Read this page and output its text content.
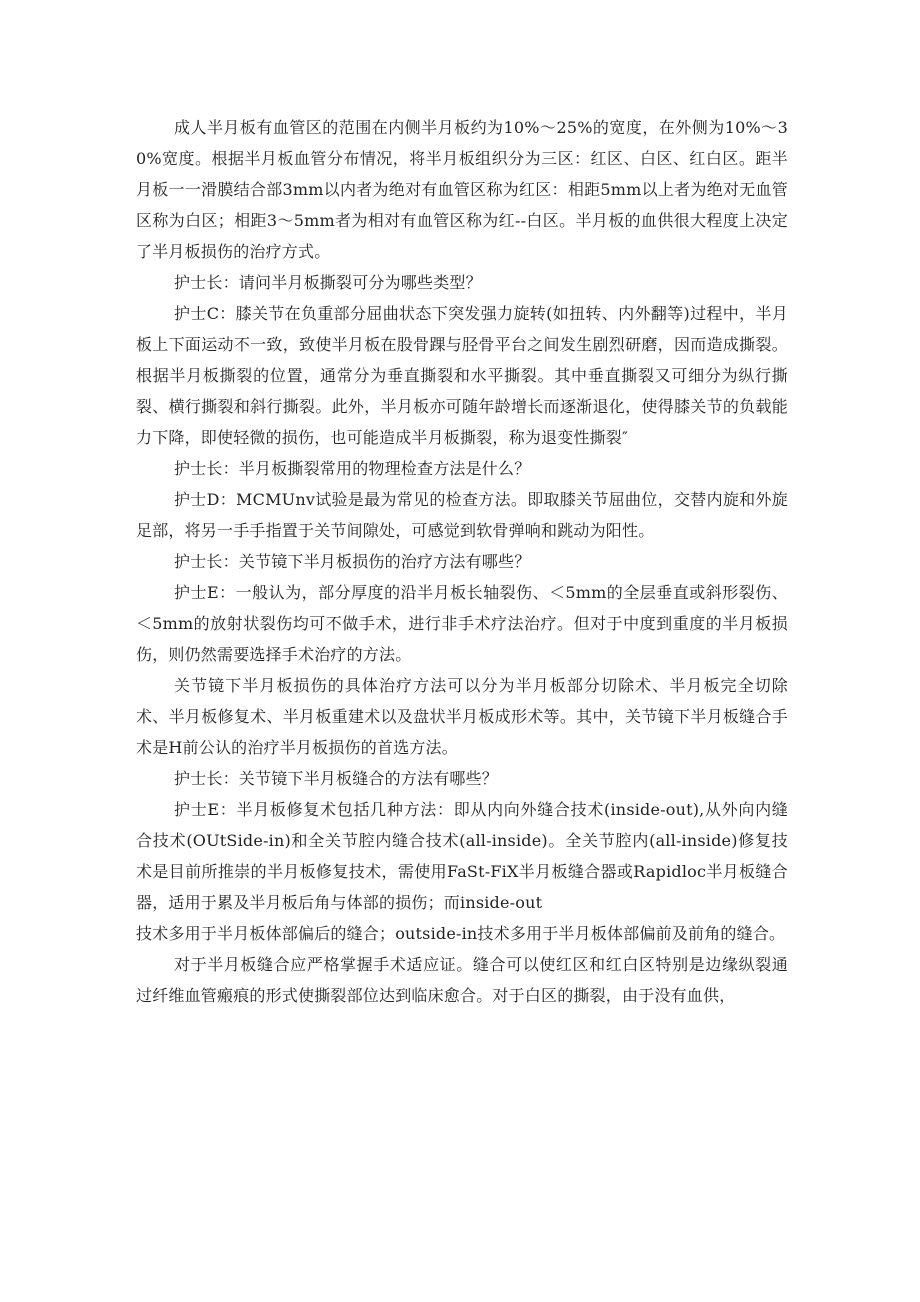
成人半月板有血管区的范围在内侧半月板约为10%～25%的宽度，在外侧为10%～30%宽度。根据半月板血管分布情况，将半月板组织分为三区：红区、白区、红白区。距半月板一一滑膜结合部3mm以内者为绝对有血管区称为红区：相距5mm以上者为绝对无血管区称为白区；相距3～5mm者为相对有血管区称为红--白区。半月板的血供很大程度上决定了半月板损伤的治疗方式。

护士长：请问半月板撕裂可分为哪些类型？

护士C：膝关节在负重部分屈曲状态下突发强力旋转(如扭转、内外翻等)过程中，半月板上下面运动不一致，致使半月板在股骨踝与胫骨平台之间发生剧烈研磨，因而造成撕裂。根据半月板撕裂的位置，通常分为垂直撕裂和水平撕裂。其中垂直撕裂又可细分为纵行撕裂、横行撕裂和斜行撕裂。此外，半月板亦可随年龄增长而逐渐退化，使得膝关节的负载能力下降，即使轻微的损伤，也可能造成半月板撕裂，称为退变性撕裂″

护士长：半月板撕裂常用的物理检查方法是什么？

护士D：MCMUnv试验是最为常见的检查方法。即取膝关节屈曲位，交替内旋和外旋足部，将另一手手指置于关节间隙处，可感觉到软骨弹响和跳动为阳性。

护士长：关节镜下半月板损伤的治疗方法有哪些？

护士E：一般认为，部分厚度的沿半月板长轴裂伤、＜5mm的全层垂直或斜形裂伤、＜5mm的放射状裂伤均可不做手术，进行非手术疗法治疗。但对于中度到重度的半月板损伤，则仍然需要选择手术治疗的方法。

关节镜下半月板损伤的具体治疗方法可以分为半月板部分切除术、半月板完全切除术、半月板修复术、半月板重建术以及盘状半月板成形术等。其中，关节镜下半月板缝合手术是H前公认的治疗半月板损伤的首选方法。

护士长：关节镜下半月板缝合的方法有哪些？

护士E：半月板修复术包括几种方法：即从内向外缝合技术(inside-out),从外向内缝合技术(OUtSide-in)和全关节腔内缝合技术(all-inside)。全关节腔内(all-inside)修复技术是目前所推崇的半月板修复技术，需使用FaSt-FiX半月板缝合器或Rapidloc半月板缝合器，适用于累及半月板后角与体部的损伤；而inside-out

技术多用于半月板体部偏后的缝合；outside-in技术多用于半月板体部偏前及前角的缝合。

对于半月板缝合应严格掌握手术适应证。缝合可以使红区和红白区特别是边缘纵裂通过纤维血管瘢痕的形式使撕裂部位达到临床愈合。对于白区的撕裂，由于没有血供，
